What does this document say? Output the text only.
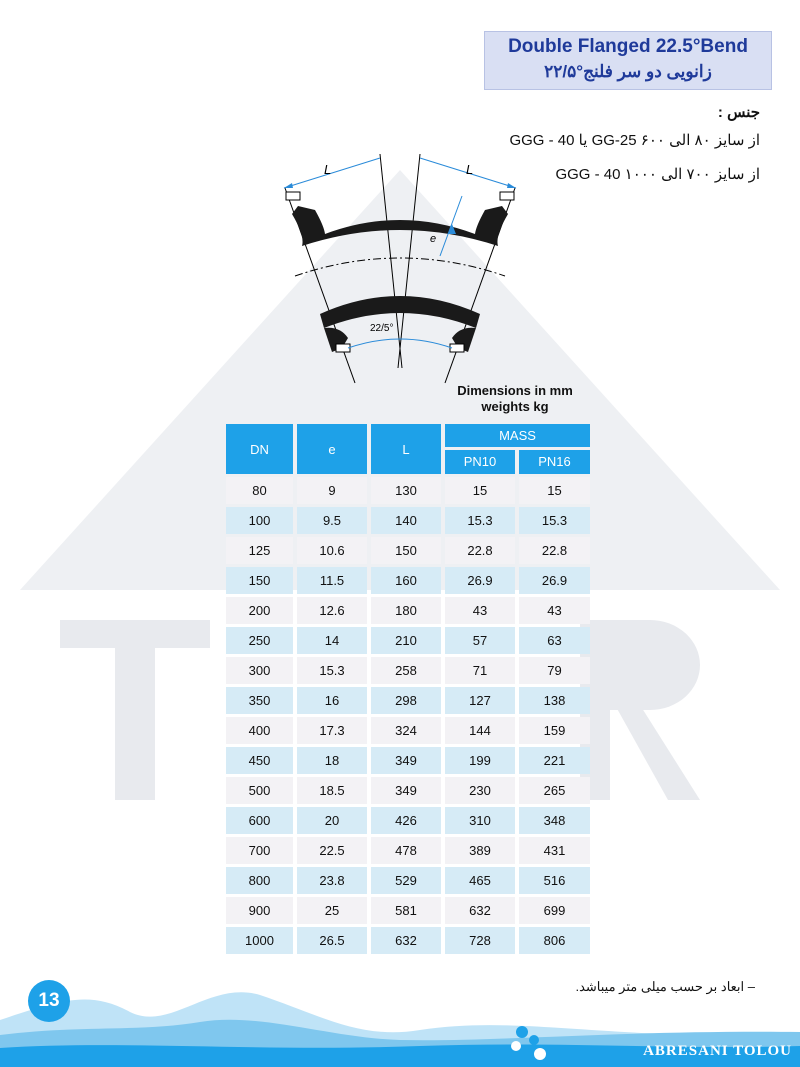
Double Flanged 22.5°Bend
زانویی دو سر فلنج°۲۲/۵
جنس :
از سایز ۸۰ الی ۶۰۰ GG-25 یا GGG - 40
از سایز ۷۰۰ الی ۱۰۰۰ GGG - 40
L	L
e
22/5°
Dimensions in mm
weights kg
DN	e	L	MASS	
			PN10	PN16
80	9	130	15	15
100	9.5	140	15.3	15.3
125	10.6	150	22.8	22.8
150	11.5	160	26.9	26.9
200	12.6	180	43	43
250	14	210	57	63
300	15.3	258	71	79
350	16	298	127	138
400	17.3	324	144	159
450	18	349	199	221
500	18.5	349	230	265
600	20	426	310	348
700	22.5	478	389	431
800	23.8	529	465	516
900	25	581	632	699
1000	26.5	632	728	806
– ابعاد بر حسب میلی متر میباشد.
13
ABRESANI TOLOU
